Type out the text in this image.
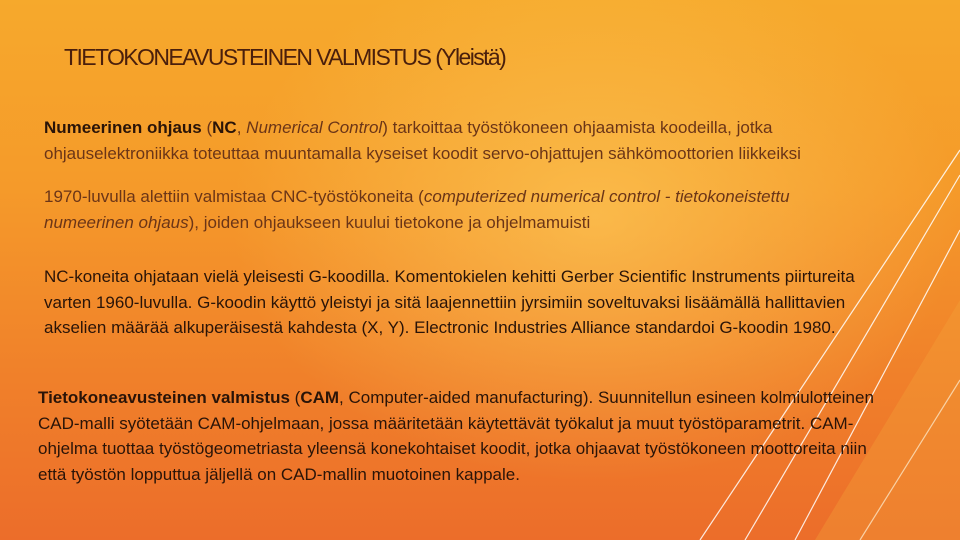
TIETOKONEAVUSTEINEN VALMISTUS (Yleistä)

Numeerinen ohjaus (NC, Numerical Control) tarkoittaa työstökoneen ohjaamista koodeilla, jotka ohjauselektroniikka toteuttaa muuntamalla kyseiset koodit servo-ohjattujen sähkömoottorien liikkeiksi

1970-luvulla alettiin valmistaa CNC-työstökoneita (computerized numerical control - tietokoneistettu numeerinen ohjaus), joiden ohjaukseen kuului tietokone ja ohjelmamuisti

NC-koneita ohjataan vielä yleisesti G-koodilla. Komentokielen kehitti Gerber Scientific Instruments piirtureita varten 1960-luvulla. G-koodin käyttö yleistyi ja sitä laajennettiin jyrsimiin soveltuvaksi lisäämällä hallittavien akselien määrää alkuperäisestä kahdesta (X, Y). Electronic Industries Alliance standardoi G-koodin 1980.

Tietokoneavusteinen valmistus (CAM, Computer-aided manufacturing). Suunnitellun esineen kolmiulotteinen CAD-malli syötetään CAM-ohjelmaan, jossa määritetään käytettävät työkalut ja muut työstöparametrit. CAM-ohjelma tuottaa työstögeometriasta yleensä konekohtaiset koodit, jotka ohjaavat työstökoneen moottoreita niin että työstön lopputtua jäljellä on CAD-mallin muotoinen kappale.
